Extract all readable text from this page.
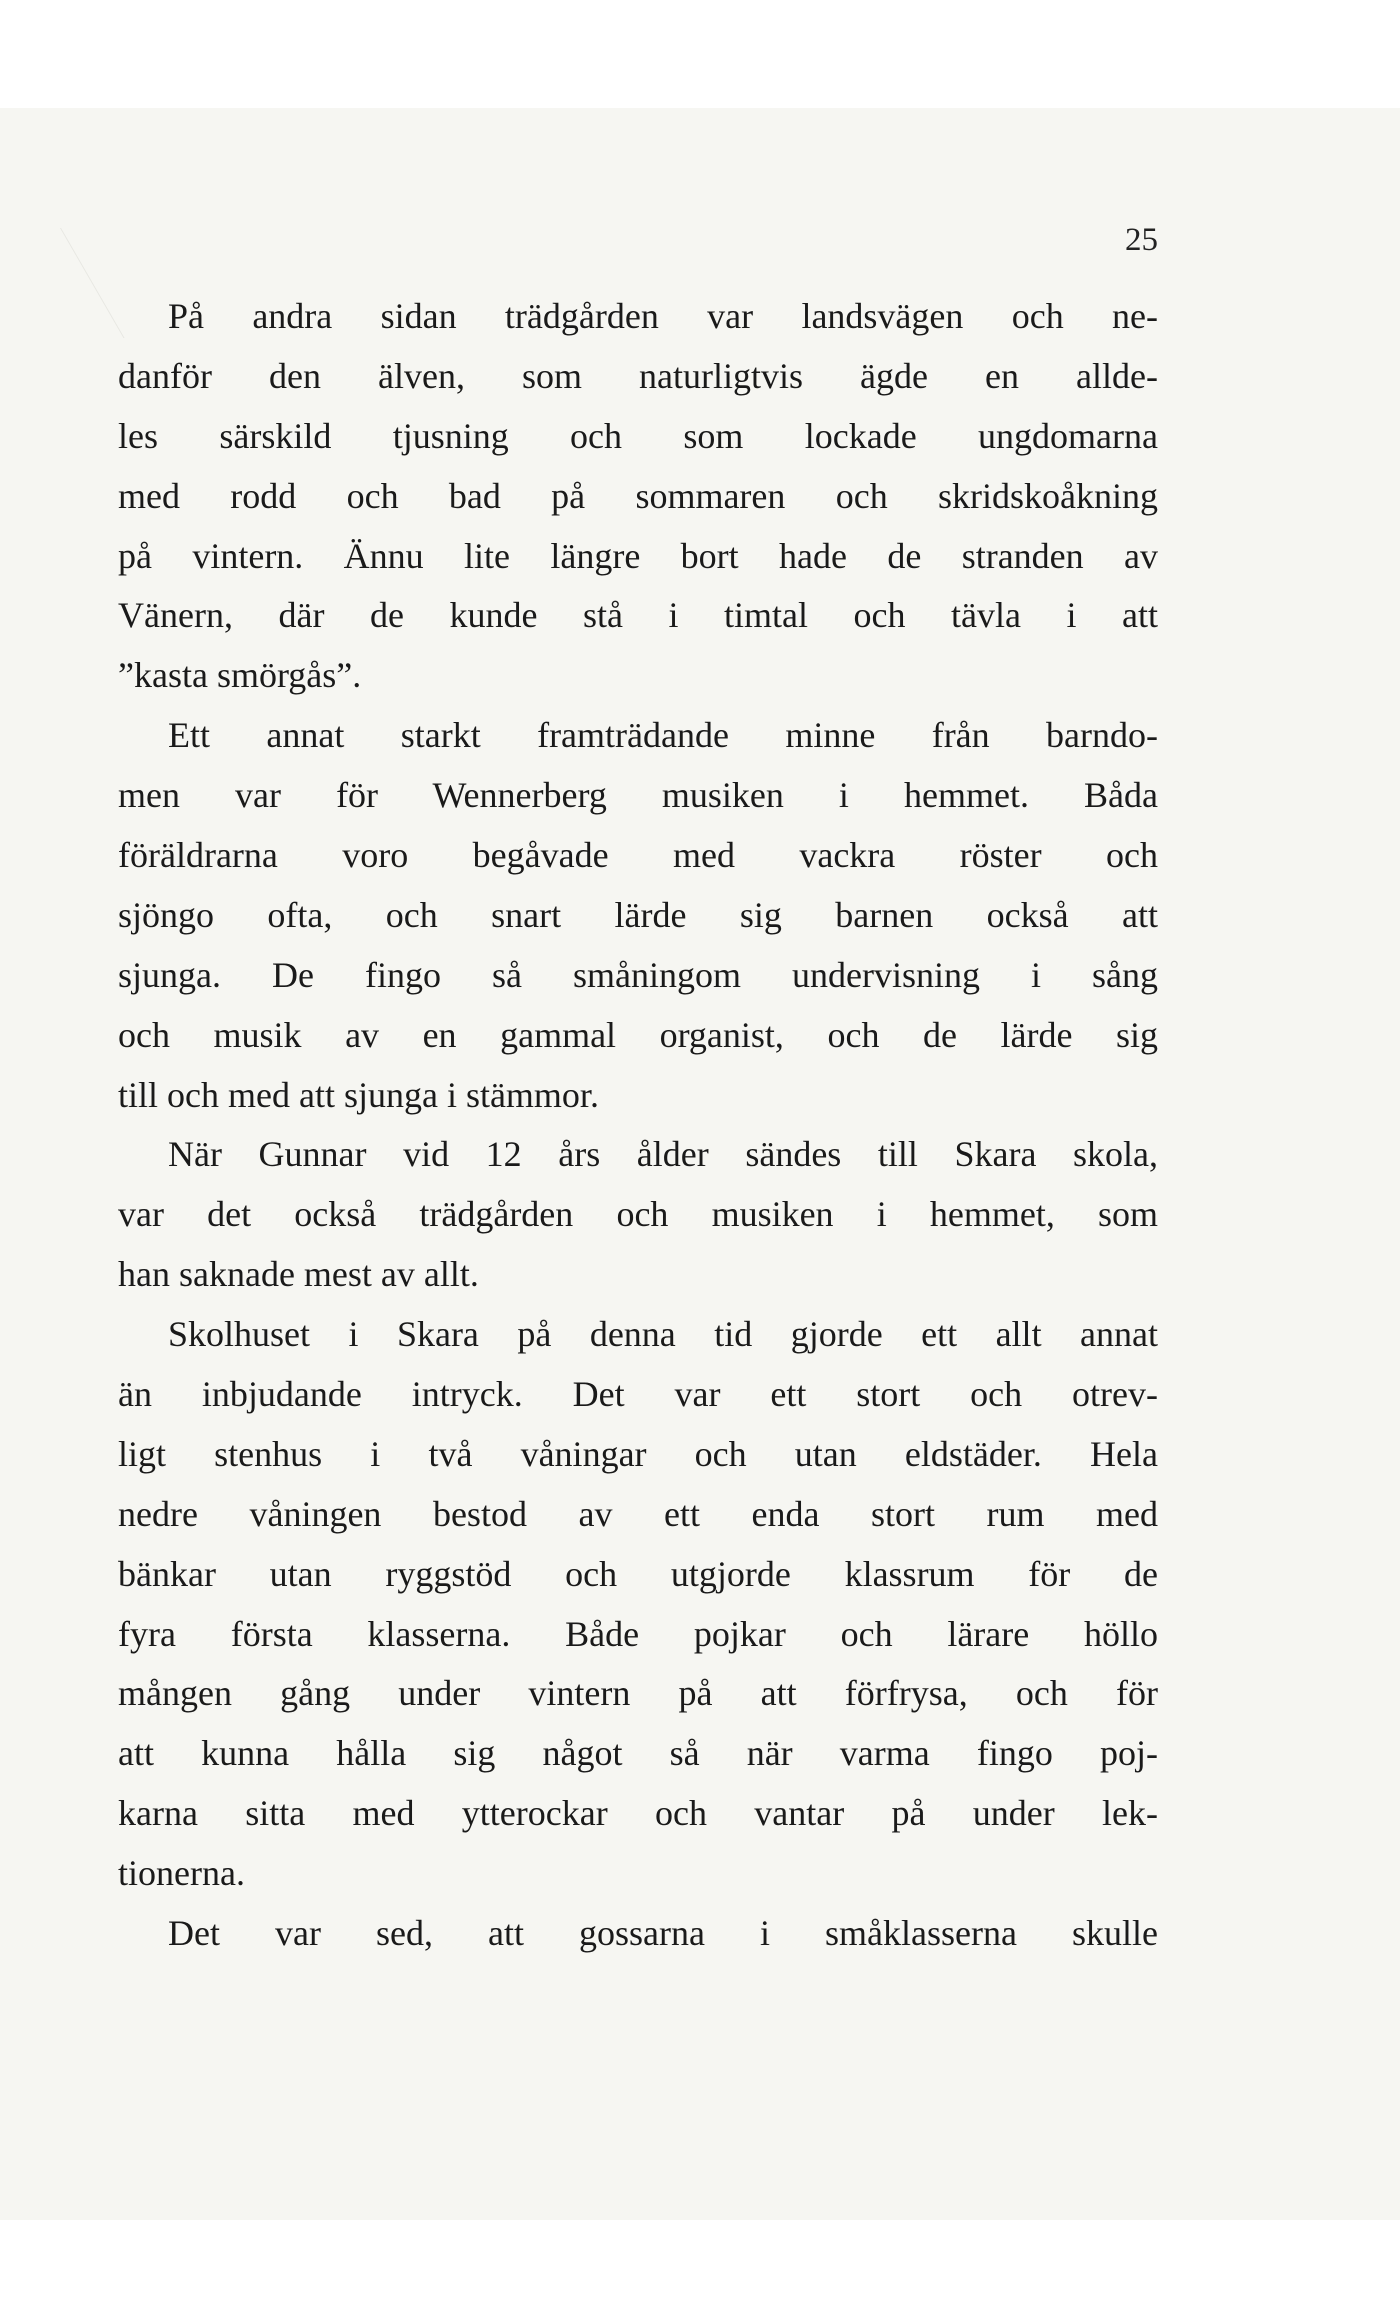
25
På andra sidan trädgården var landsvägen och ne-
danför den älven, som naturligtvis ägde en allde-
les särskild tjusning och som lockade ungdomarna
med rodd och bad på sommaren och skridskoåkning
på vintern. Ännu lite längre bort hade de stranden av
Vänern, där de kunde stå i timtal och tävla i att
”kasta smörgås”.
Ett annat starkt framträdande minne från barndo-
men var för Wennerberg musiken i hemmet. Båda
föräldrarna voro begåvade med vackra röster och
sjöngo ofta, och snart lärde sig barnen också att
sjunga. De fingo så småningom undervisning i sång
och musik av en gammal organist, och de lärde sig
till och med att sjunga i stämmor.
När Gunnar vid 12 års ålder sändes till Skara skola,
var det också trädgården och musiken i hemmet, som
han saknade mest av allt.
Skolhuset i Skara på denna tid gjorde ett allt annat
än inbjudande intryck. Det var ett stort och otrev-
ligt stenhus i två våningar och utan eldstäder. Hela
nedre våningen bestod av ett enda stort rum med
bänkar utan ryggstöd och utgjorde klassrum för de
fyra första klasserna. Både pojkar och lärare höllo
mången gång under vintern på att förfrysa, och för
att kunna hålla sig något så när varma fingo poj-
karna sitta med ytterockar och vantar på under lek-
tionerna.
Det var sed, att gossarna i småklasserna skulle
